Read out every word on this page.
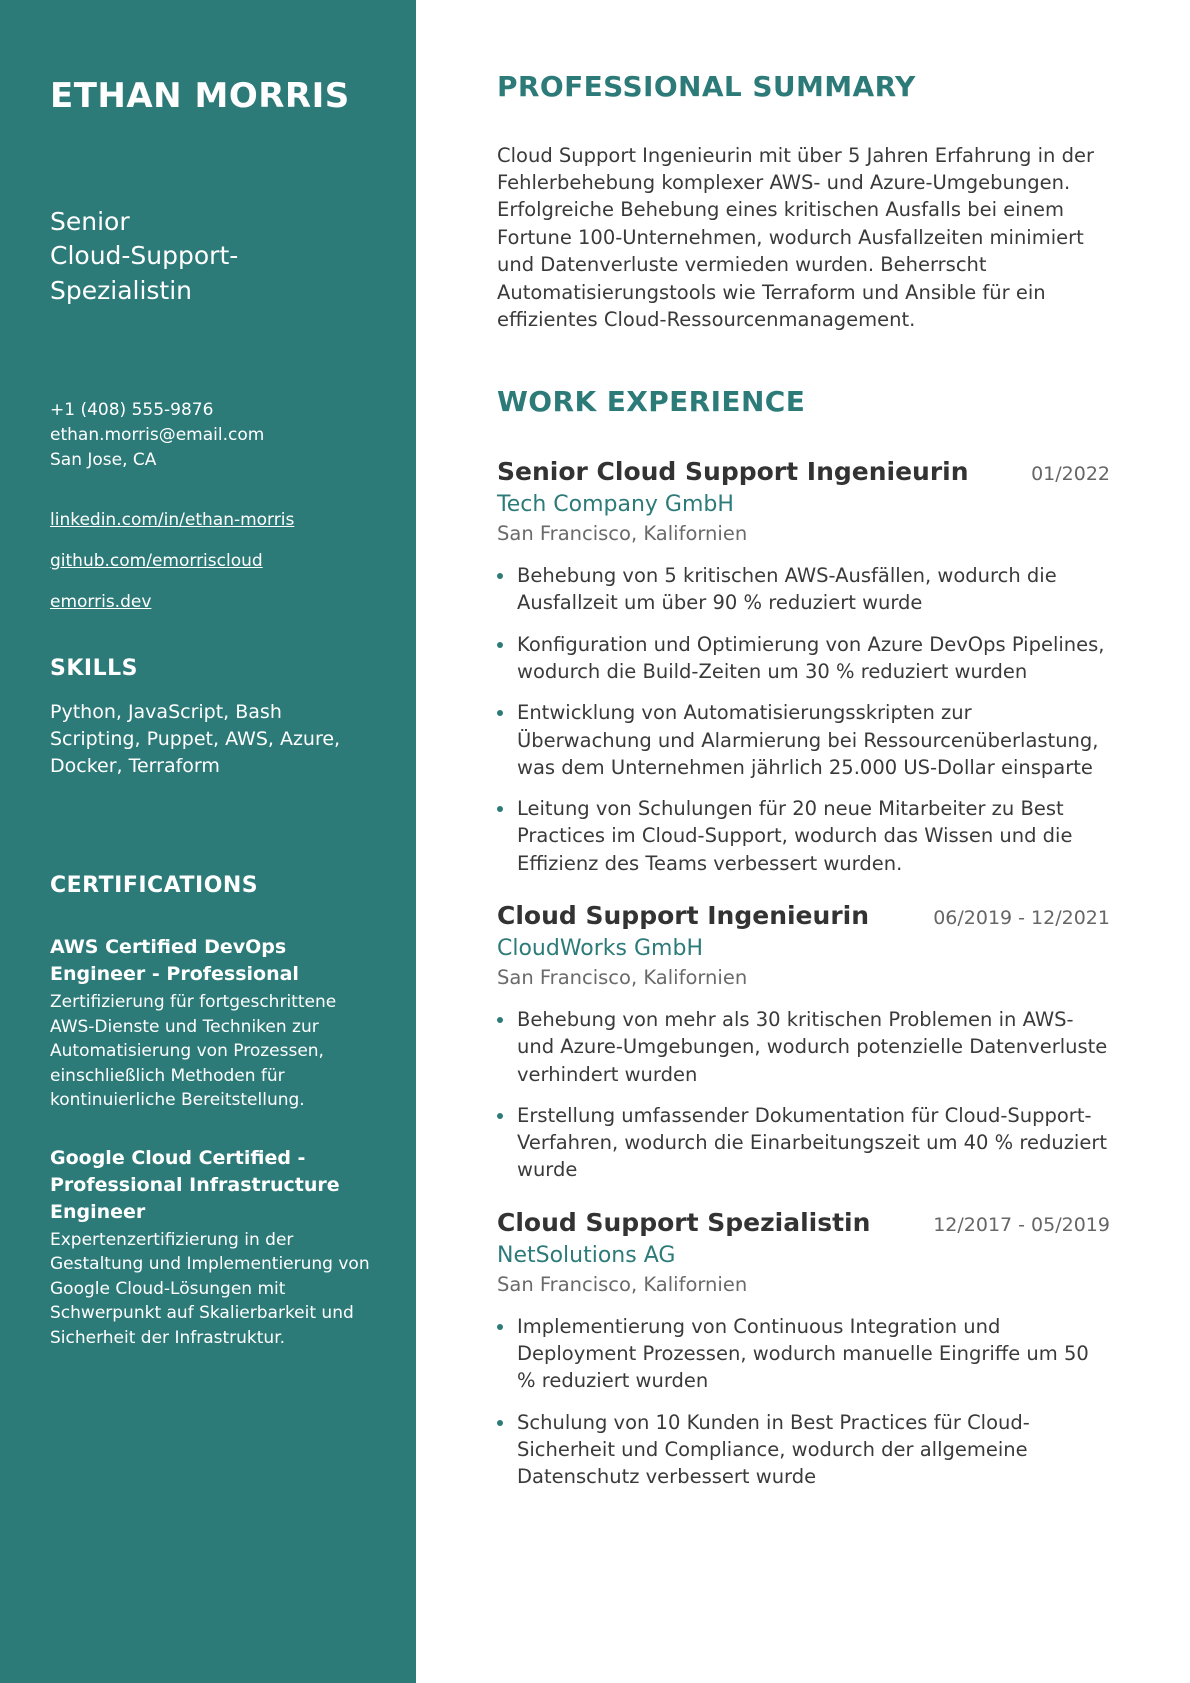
ETHAN MORRIS
Senior
Cloud-Support-Spezialistin
+1 (408) 555-9876
ethan.morris@email.com
San Jose, CA
linkedin.com/in/ethan-morris
github.com/emorriscloud
emorris.dev
SKILLS

Python, JavaScript, Bash Scripting, Puppet, AWS, Azure, Docker, Terraform

CERTIFICATIONS
AWS Certified DevOps Engineer - Professional
Zertifizierung für fortgeschrittene AWS-Dienste und Techniken zur Automatisierung von Prozessen, einschließlich Methoden für kontinuierliche Bereitstellung.
Google Cloud Certified - Professional Infrastructure Engineer
Expertenzertifizierung in der Gestaltung und Implementierung von Google Cloud-Lösungen mit Schwerpunkt auf Skalierbarkeit und Sicherheit der Infrastruktur.
PROFESSIONAL SUMMARY

Cloud Support Ingenieurin mit über 5 Jahren Erfahrung in der Fehlerbehebung komplexer AWS- und Azure-Umgebungen. Erfolgreiche Behebung eines kritischen Ausfalls bei einem Fortune 100-Unternehmen, wodurch Ausfallzeiten minimiert und Datenverluste vermieden wurden. Beherrscht Automatisierungstools wie Terraform und Ansible für ein effizientes Cloud-Ressourcenmanagement.

WORK EXPERIENCE
Senior Cloud Support Ingenieurin	01/2022
Tech Company GmbH
San Francisco, Kalifornien
Behebung von 5 kritischen AWS-Ausfällen, wodurch die Ausfallzeit um über 90 % reduziert wurde
Konfiguration und Optimierung von Azure DevOps Pipelines, wodurch die Build-Zeiten um 30 % reduziert wurden
Entwicklung von Automatisierungsskripten zur Überwachung und Alarmierung bei Ressourcenüberlastung, was dem Unternehmen jährlich 25.000 US-Dollar einsparte
Leitung von Schulungen für 20 neue Mitarbeiter zu Best Practices im Cloud-Support, wodurch das Wissen und die Effizienz des Teams verbessert wurden.
Cloud Support Ingenieurin	06/2019 - 12/2021
CloudWorks GmbH
San Francisco, Kalifornien
Behebung von mehr als 30 kritischen Problemen in AWS- und Azure-Umgebungen, wodurch potenzielle Datenverluste verhindert wurden
Erstellung umfassender Dokumentation für Cloud-Support-Verfahren, wodurch die Einarbeitungszeit um 40 % reduziert wurde
Cloud Support Spezialistin	12/2017 - 05/2019
NetSolutions AG
San Francisco, Kalifornien
Implementierung von Continuous Integration und Deployment Prozessen, wodurch manuelle Eingriffe um 50 % reduziert wurden
Schulung von 10 Kunden in Best Practices für Cloud-Sicherheit und Compliance, wodurch der allgemeine Datenschutz verbessert wurde
